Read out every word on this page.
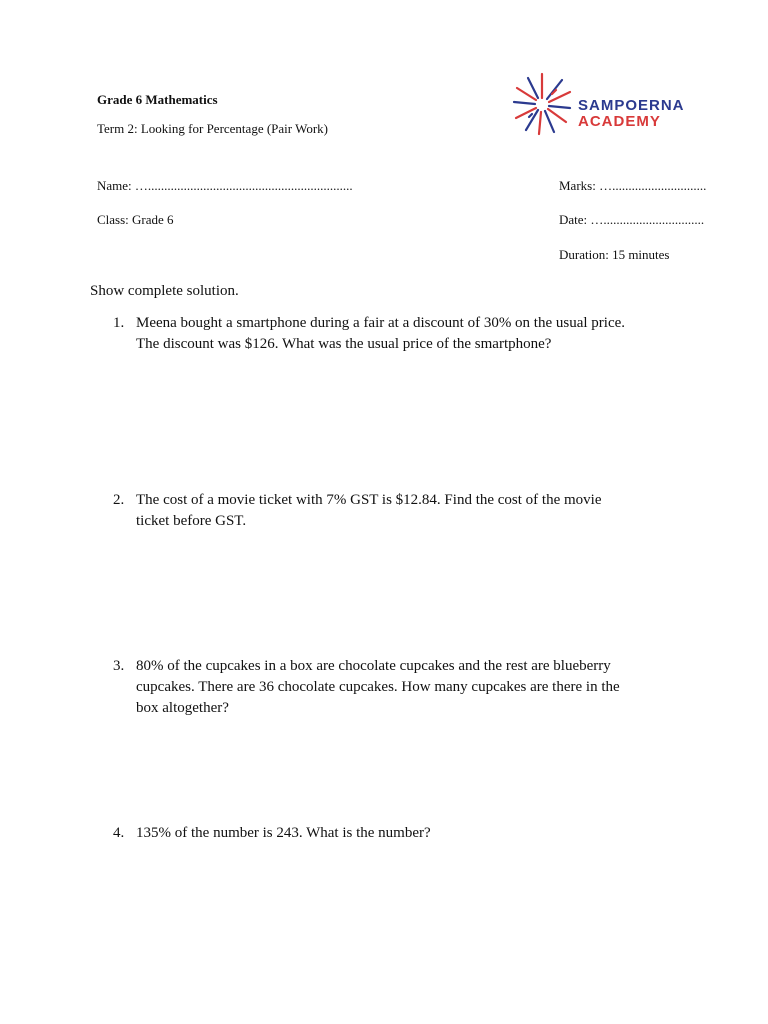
Grade 6 Mathematics
Term 2: Looking for Percentage (Pair Work)
SAMPOERNA
ACADEMY
Name: …...............................................................
Class: Grade 6
Marks: ….............................
Date: …...............................
Duration: 15 minutes
Show complete solution.
1. Meena bought a smartphone during a fair at a discount of 30% on the usual price.
The discount was $126. What was the usual price of the smartphone?
2. The cost of a movie ticket with 7% GST is $12.84. Find the cost of the movie
ticket before GST.
3. 80% of the cupcakes in a box are chocolate cupcakes and the rest are blueberry
cupcakes. There are 36 chocolate cupcakes. How many cupcakes are there in the
box altogether?
4. 135% of the number is 243. What is the number?
